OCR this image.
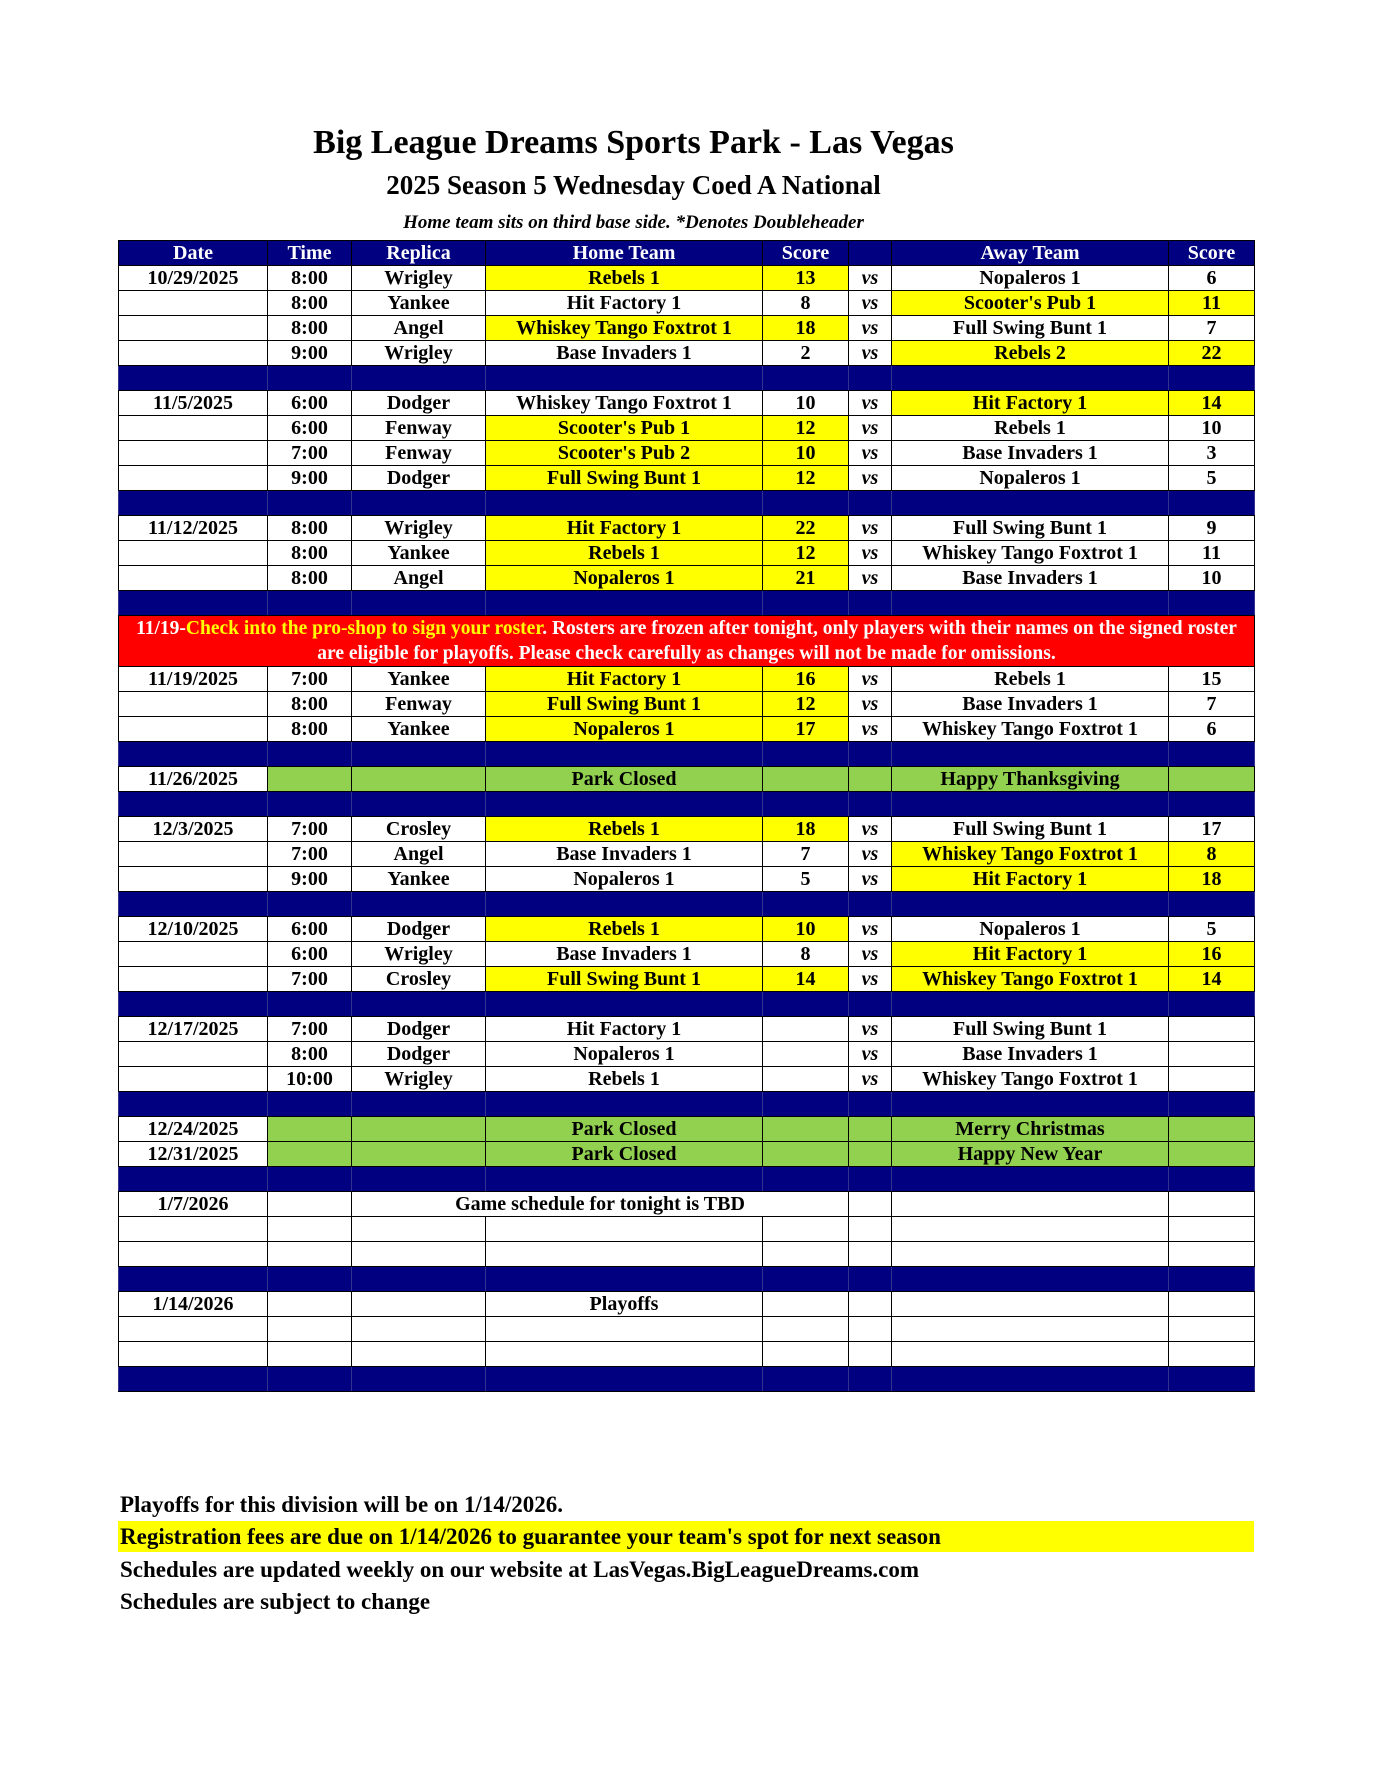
Big League Dreams Sports Park - Las Vegas
2025 Season 5 Wednesday Coed A National
Home team sits on third base side. *Denotes Doubleheader
Date	Time	Replica	Home Team	Score		Away Team	Score
10/29/2025	8:00	Wrigley	Rebels 1	13	vs	Nopaleros 1	6
	8:00	Yankee	Hit Factory 1	8	vs	Scooter's Pub 1	11
	8:00	Angel	Whiskey Tango Foxtrot 1	18	vs	Full Swing Bunt 1	7
	9:00	Wrigley	Base Invaders 1	2	vs	Rebels 2	22

11/5/2025	6:00	Dodger	Whiskey Tango Foxtrot 1	10	vs	Hit Factory 1	14
	6:00	Fenway	Scooter's Pub 1	12	vs	Rebels 1	10
	7:00	Fenway	Scooter's Pub 2	10	vs	Base Invaders 1	3
	9:00	Dodger	Full Swing Bunt 1	12	vs	Nopaleros 1	5

11/12/2025	8:00	Wrigley	Hit Factory 1	22	vs	Full Swing Bunt 1	9
	8:00	Yankee	Rebels 1	12	vs	Whiskey Tango Foxtrot 1	11
	8:00	Angel	Nopaleros 1	21	vs	Base Invaders 1	10

11/19-Check into the pro-shop to sign your roster. Rosters are frozen after tonight, only players with their names on the signed roster are eligible for playoffs. Please check carefully as changes will not be made for omissions.							
11/19/2025	7:00	Yankee	Hit Factory 1	16	vs	Rebels 1	15
	8:00	Fenway	Full Swing Bunt 1	12	vs	Base Invaders 1	7
	8:00	Yankee	Nopaleros 1	17	vs	Whiskey Tango Foxtrot 1	6

11/26/2025			Park Closed			Happy Thanksgiving	

12/3/2025	7:00	Crosley	Rebels 1	18	vs	Full Swing Bunt 1	17
	7:00	Angel	Base Invaders 1	7	vs	Whiskey Tango Foxtrot 1	8
	9:00	Yankee	Nopaleros 1	5	vs	Hit Factory 1	18

12/10/2025	6:00	Dodger	Rebels 1	10	vs	Nopaleros 1	5
	6:00	Wrigley	Base Invaders 1	8	vs	Hit Factory 1	16
	7:00	Crosley	Full Swing Bunt 1	14	vs	Whiskey Tango Foxtrot 1	14

12/17/2025	7:00	Dodger	Hit Factory 1		vs	Full Swing Bunt 1	
	8:00	Dodger	Nopaleros 1		vs	Base Invaders 1	
	10:00	Wrigley	Rebels 1		vs	Whiskey Tango Foxtrot 1	

12/24/2025			Park Closed			Merry Christmas	
12/31/2025			Park Closed			Happy New Year	

1/7/2026		Game schedule for tonight is TBD					

1/14/2026			Playoffs				

Playoffs for this division will be on 1/14/2026.
Registration fees are due on 1/14/2026 to guarantee your team's spot for next season
Schedules are updated weekly on our website at LasVegas.BigLeagueDreams.com
Schedules are subject to change
